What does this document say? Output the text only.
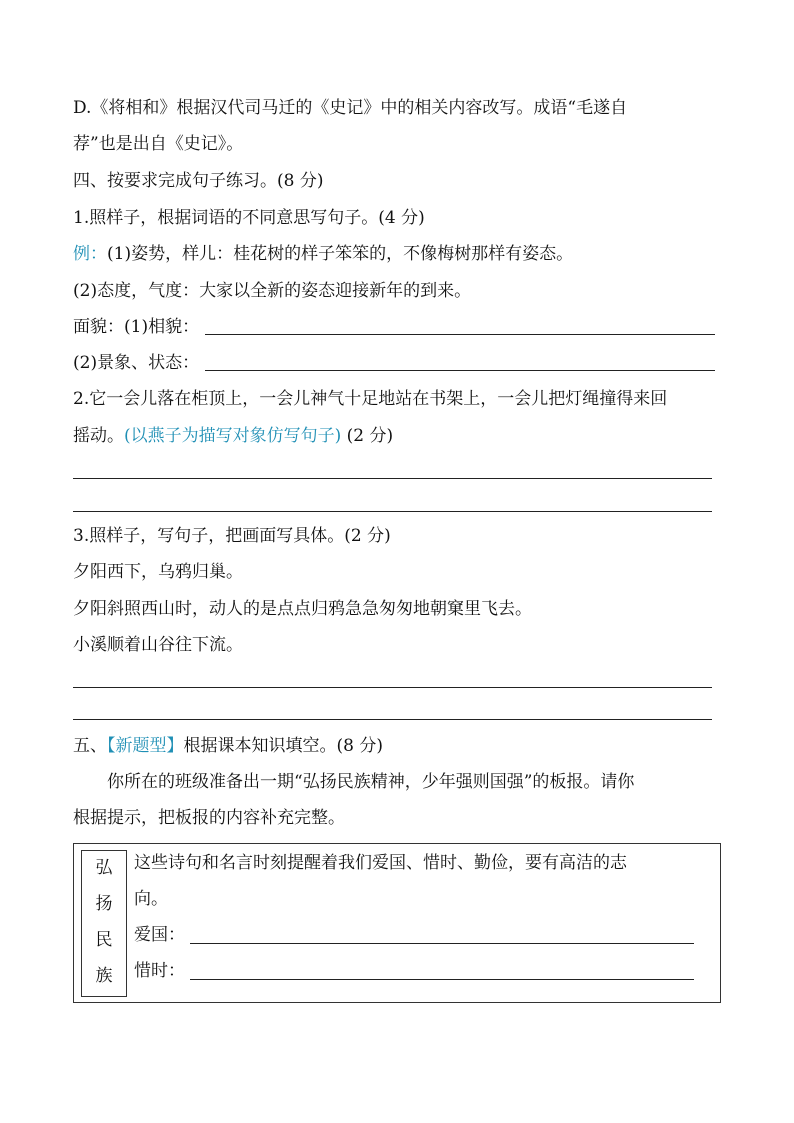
D.《将相和》根据汉代司马迁的《史记》中的相关内容改写。成语“毛遂自
荐”也是出自《史记》。
四、按要求完成句子练习。(8 分)
1.照样子，根据词语的不同意思写句子。(4 分)
例：(1)姿势，样儿：桂花树的样子笨笨的，不像梅树那样有姿态。
(2)态度，气度：大家以全新的姿态迎接新年的到来。
面貌：(1)相貌：
(2)景象、状态：
2.它一会儿落在柜顶上，一会儿神气十足地站在书架上，一会儿把灯绳撞得来回
摇动。(以燕子为描写对象仿写句子) (2 分)
3.照样子，写句子，把画面写具体。(2 分)
夕阳西下，乌鸦归巢。
夕阳斜照西山时，动人的是点点归鸦急急匆匆地朝窠里飞去。
小溪顺着山谷往下流。
五、【新题型】根据课本知识填空。(8 分)
你所在的班级准备出一期“弘扬民族精神，少年强则国强”的板报。请你
根据提示，把板报的内容补充完整。
弘
扬
民
族
这些诗句和名言时刻提醒着我们爱国、惜时、勤俭，要有高洁的志
向。
爱国：
惜时：
